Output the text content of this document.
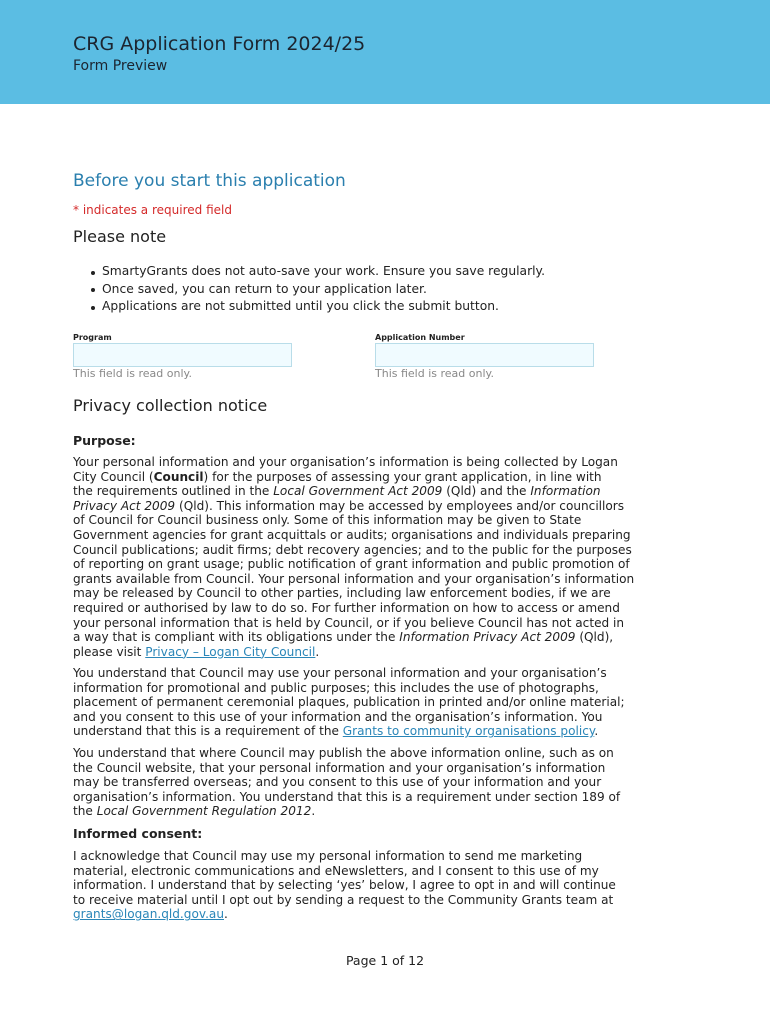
CRG Application Form 2024/25
Form Preview
Before you start this application
* indicates a required field
Please note
SmartyGrants does not auto-save your work. Ensure you save regularly.
Once saved, you can return to your application later.
Applications are not submitted until you click the submit button.
Program
This field is read only.
Application Number
This field is read only.
Privacy collection notice
Purpose:
Your personal information and your organisation’s information is being collected by Logan
City Council (Council) for the purposes of assessing your grant application, in line with
the requirements outlined in the Local Government Act 2009 (Qld) and the Information
Privacy Act 2009 (Qld). This information may be accessed by employees and/or councillors
of Council for Council business only. Some of this information may be given to State
Government agencies for grant acquittals or audits; organisations and individuals preparing
Council publications; audit firms; debt recovery agencies; and to the public for the purposes
of reporting on grant usage; public notification of grant information and public promotion of
grants available from Council. Your personal information and your organisation’s information
may be released by Council to other parties, including law enforcement bodies, if we are
required or authorised by law to do so. For further information on how to access or amend
your personal information that is held by Council, or if you believe Council has not acted in
a way that is compliant with its obligations under the Information Privacy Act 2009 (Qld),
please visit Privacy – Logan City Council.
You understand that Council may use your personal information and your organisation’s
information for promotional and public purposes; this includes the use of photographs,
placement of permanent ceremonial plaques, publication in printed and/or online material;
and you consent to this use of your information and the organisation’s information. You
understand that this is a requirement of the Grants to community organisations policy.
You understand that where Council may publish the above information online, such as on
the Council website, that your personal information and your organisation’s information
may be transferred overseas; and you consent to this use of your information and your
organisation’s information. You understand that this is a requirement under section 189 of
the Local Government Regulation 2012.
Informed consent:
I acknowledge that Council may use my personal information to send me marketing
material, electronic communications and eNewsletters, and I consent to this use of my
information. I understand that by selecting ‘yes’ below, I agree to opt in and will continue
to receive material until I opt out by sending a request to the Community Grants team at
grants@logan.qld.gov.au.
Page 1 of 12
